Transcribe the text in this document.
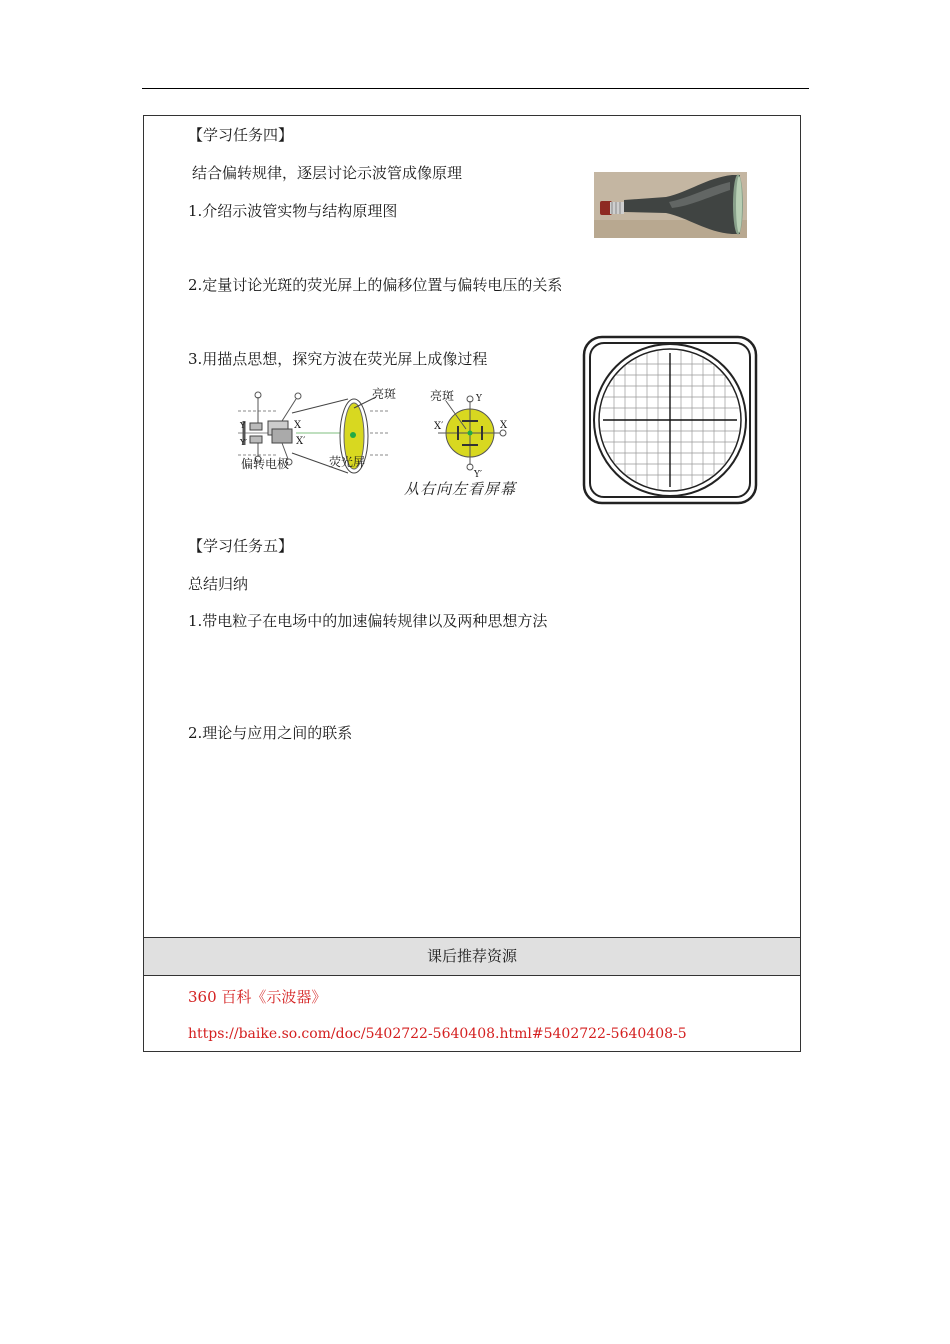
【学习任务四】
结合偏转规律，逐层讨论示波管成像原理
1.介绍示波管实物与结构原理图
2.定量讨论光斑的荧光屏上的偏移位置与偏转电压的关系
3.用描点思想，探究方波在荧光屏上成像过程
亮斑
荧光屏
偏转电极
亮斑
X
X′
X
X′
Y
Y′
Y
Y′
从右向左看屏幕
【学习任务五】
总结归纳
1.带电粒子在电场中的加速偏转规律以及两种思想方法
2.理论与应用之间的联系
课后推荐资源
360 百科《示波器》
https://baike.so.com/doc/5402722-5640408.html#5402722-5640408-5
